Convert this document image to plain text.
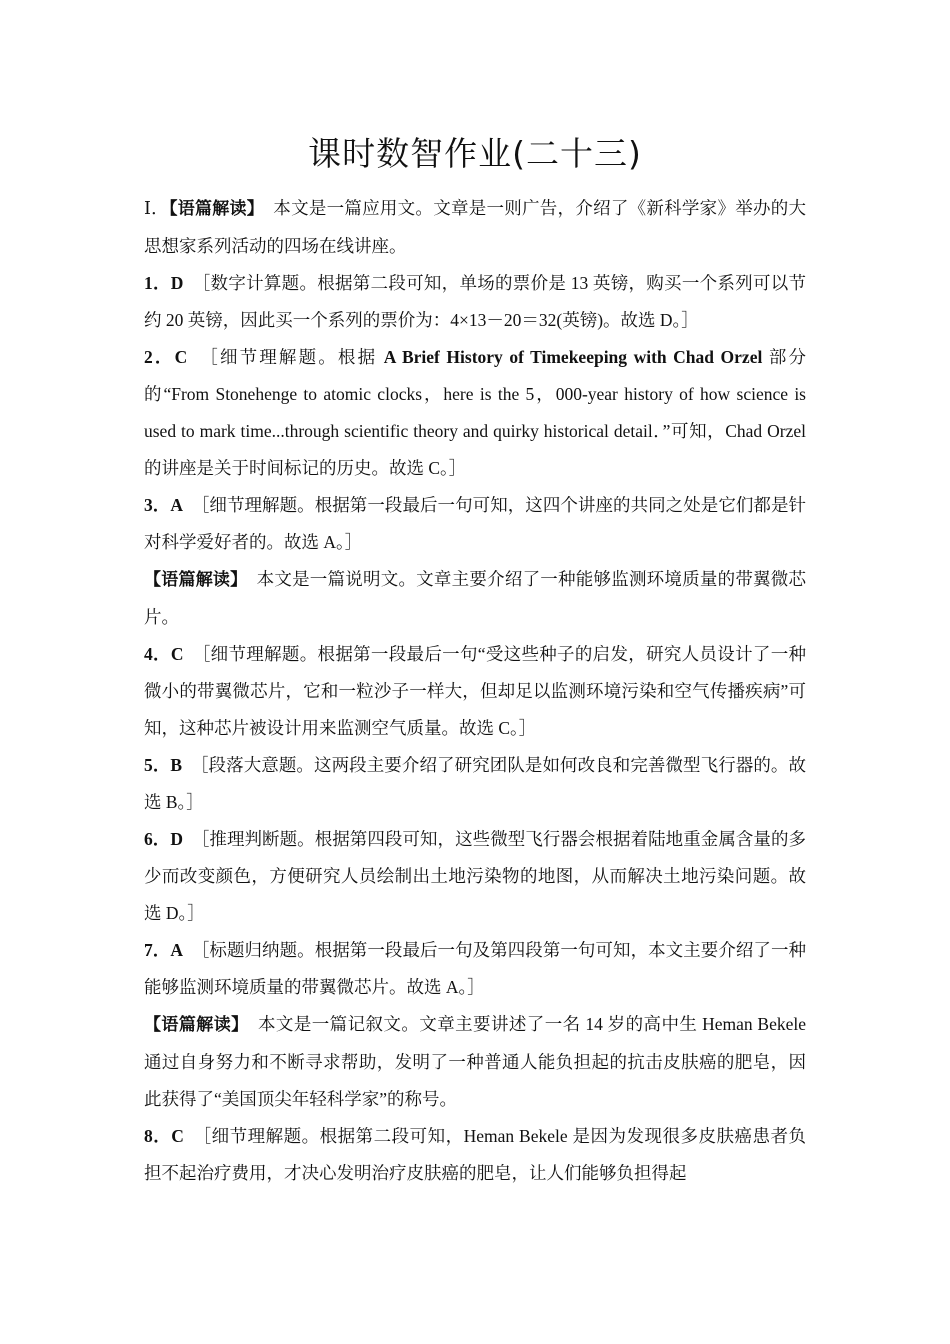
课时数智作业(二十三)

Ⅰ．【语篇解读】　本文是一篇应用文。文章是一则广告，介绍了《新科学家》举办的大思想家系列活动的四场在线讲座。

1．D　 ［数字计算题。根据第二段可知，单场的票价是 13 英镑，购买一个系列可以节约 20 英镑，因此买一个系列的票价为：4×13－20＝32(英镑)。故选 D。］

2．C　 ［细节理解题。根据 A Brief History of Timekeeping with Chad Orzel 部分的“From Stonehenge to atomic clocks，here is the 5，000-year history of how science is used to mark time...through scientific theory and quirky historical detail．”可知，Chad Orzel 的讲座是关于时间标记的历史。故选 C。］

3．A　 ［细节理解题。根据第一段最后一句可知，这四个讲座的共同之处是它们都是针对科学爱好者的。故选 A。］

【语篇解读】　本文是一篇说明文。文章主要介绍了一种能够监测环境质量的带翼微芯片。

4．C　 ［细节理解题。根据第一段最后一句“受这些种子的启发，研究人员设计了一种微小的带翼微芯片，它和一粒沙子一样大，但却足以监测环境污染和空气传播疾病”可知，这种芯片被设计用来监测空气质量。故选 C。］

5．B　 ［段落大意题。这两段主要介绍了研究团队是如何改良和完善微型飞行器的。故选 B。］

6．D　 ［推理判断题。根据第四段可知，这些微型飞行器会根据着陆地重金属含量的多少而改变颜色，方便研究人员绘制出土地污染物的地图，从而解决土地污染问题。故选 D。］

7．A　 ［标题归纳题。根据第一段最后一句及第四段第一句可知，本文主要介绍了一种能够监测环境质量的带翼微芯片。故选 A。］

【语篇解读】　本文是一篇记叙文。文章主要讲述了一名 14 岁的高中生 Heman Bekele 通过自身努力和不断寻求帮助，发明了一种普通人能负担起的抗击皮肤癌的肥皂，因此获得了“美国顶尖年轻科学家”的称号。

8．C　 ［细节理解题。根据第二段可知，Heman Bekele 是因为发现很多皮肤癌患者负担不起治疗费用，才决心发明治疗皮肤癌的肥皂，让人们能够负担得起
